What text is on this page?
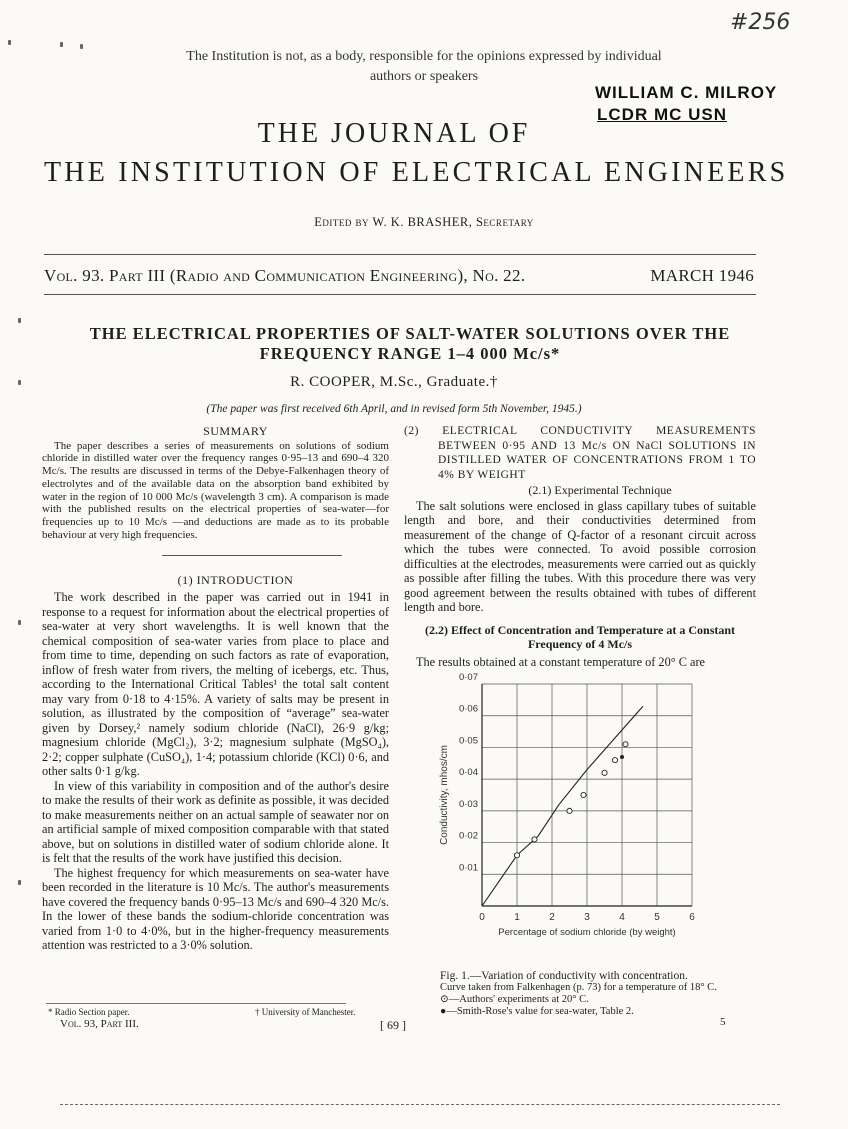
#256
WILLIAM C. MILROY
LCDR MC USN
The Institution is not, as a body, responsible for the opinions expressed by individual
authors or speakers
THE JOURNAL OF
THE INSTITUTION OF ELECTRICAL ENGINEERS
Edited by W. K. BRASHER, Secretary
Vol. 93. Part III (Radio and Communication Engineering), No. 22.	MARCH 1946
THE ELECTRICAL PROPERTIES OF SALT-WATER SOLUTIONS OVER THE
FREQUENCY RANGE 1–4 000 Mc/s*
R. COOPER, M.Sc., Graduate.†
(The paper was first received 6th April, and in revised form 5th November, 1945.)
SUMMARY
The paper describes a series of measurements on solutions of sodium chloride in distilled water over the frequency ranges 0·95–13 and 690–4 320 Mc/s. The results are discussed in terms of the Debye-Falkenhagen theory of electrolytes and of the available data on the absorption band exhibited by water in the region of 10 000 Mc/s (wavelength 3 cm). A comparison is made with the published results on the electrical properties of sea-water—for frequencies up to 10 Mc/s —and deductions are made as to its probable behaviour at very high frequencies.
(1) INTRODUCTION

The work described in the paper was carried out in 1941 in response to a request for information about the electrical properties of sea-water at very short wavelengths. It is well known that the chemical composition of sea-water varies from place to place and from time to time, depending on such factors as rate of evaporation, inflow of fresh water from rivers, the melting of icebergs, etc. Thus, according to the International Critical Tables¹ the total salt content may vary from 0·18 to 4·15%. A variety of salts may be present in solution, as illustrated by the composition of “average” sea-water given by Dorsey,² namely sodium chloride (NaCl), 26·9 g/kg; magnesium chloride (MgCl₂), 3·2; magnesium sulphate (MgSO₄), 2·2; copper sulphate (CuSO₄), 1·4; potassium chloride (KCl) 0·6, and other salts 0·1 g/kg.

In view of this variability in composition and of the author's desire to make the results of their work as definite as possible, it was decided to make measurements neither on an actual sample of seawater nor on an artificial sample of mixed composition comparable with that stated above, but on solutions in distilled water of sodium chloride alone. It is felt that the results of the work have justified this decision.

The highest frequency for which measurements on sea-water have been recorded in the literature is 10 Mc/s. The author's measurements have covered the frequency bands 0·95–13 Mc/s and 690–4 320 Mc/s. In the lower of these bands the sodium-chloride concentration was varied from 1·0 to 4·0%, but in the higher-frequency measurements attention was restricted to a 3·0% solution.

(2) ELECTRICAL CONDUCTIVITY MEASUREMENTS BETWEEN 0·95 AND 13 Mc/s ON NaCl SOLUTIONS IN DISTILLED WATER OF CONCENTRATIONS FROM 1 TO 4% BY WEIGHT
(2.1) Experimental Technique

The salt solutions were enclosed in glass capillary tubes of suitable length and bore, and their conductivities determined from measurement of the change of Q-factor of a resonant circuit across which the tubes were connected. To avoid possible corrosion difficulties at the electrodes, measurements were carried out as quickly as possible after filling the tubes. With this procedure there was very good agreement between the results obtained with tubes of different length and bore.

(2.2) Effect of Concentration and Temperature at a Constant Frequency of 4 Mc/s

The results obtained at a constant temperature of 20° C are

0	1	2	3	4	5	6
0·01
0·02
0·03
0·04
0·05
0·06
0·07
Percentage of sodium chloride (by weight)
Conductivity, mhos/cm
Fig. 1.—Variation of conductivity with concentration.
Curve taken from Falkenhagen (p. 73) for a temperature of 18° C.
⊙—Authors' experiments at 20° C.
●—Smith-Rose's value for sea-water, Table 2.
* Radio Section paper.	† University of Manchester.
Vol. 93, Part III.	[ 69 ]	5
